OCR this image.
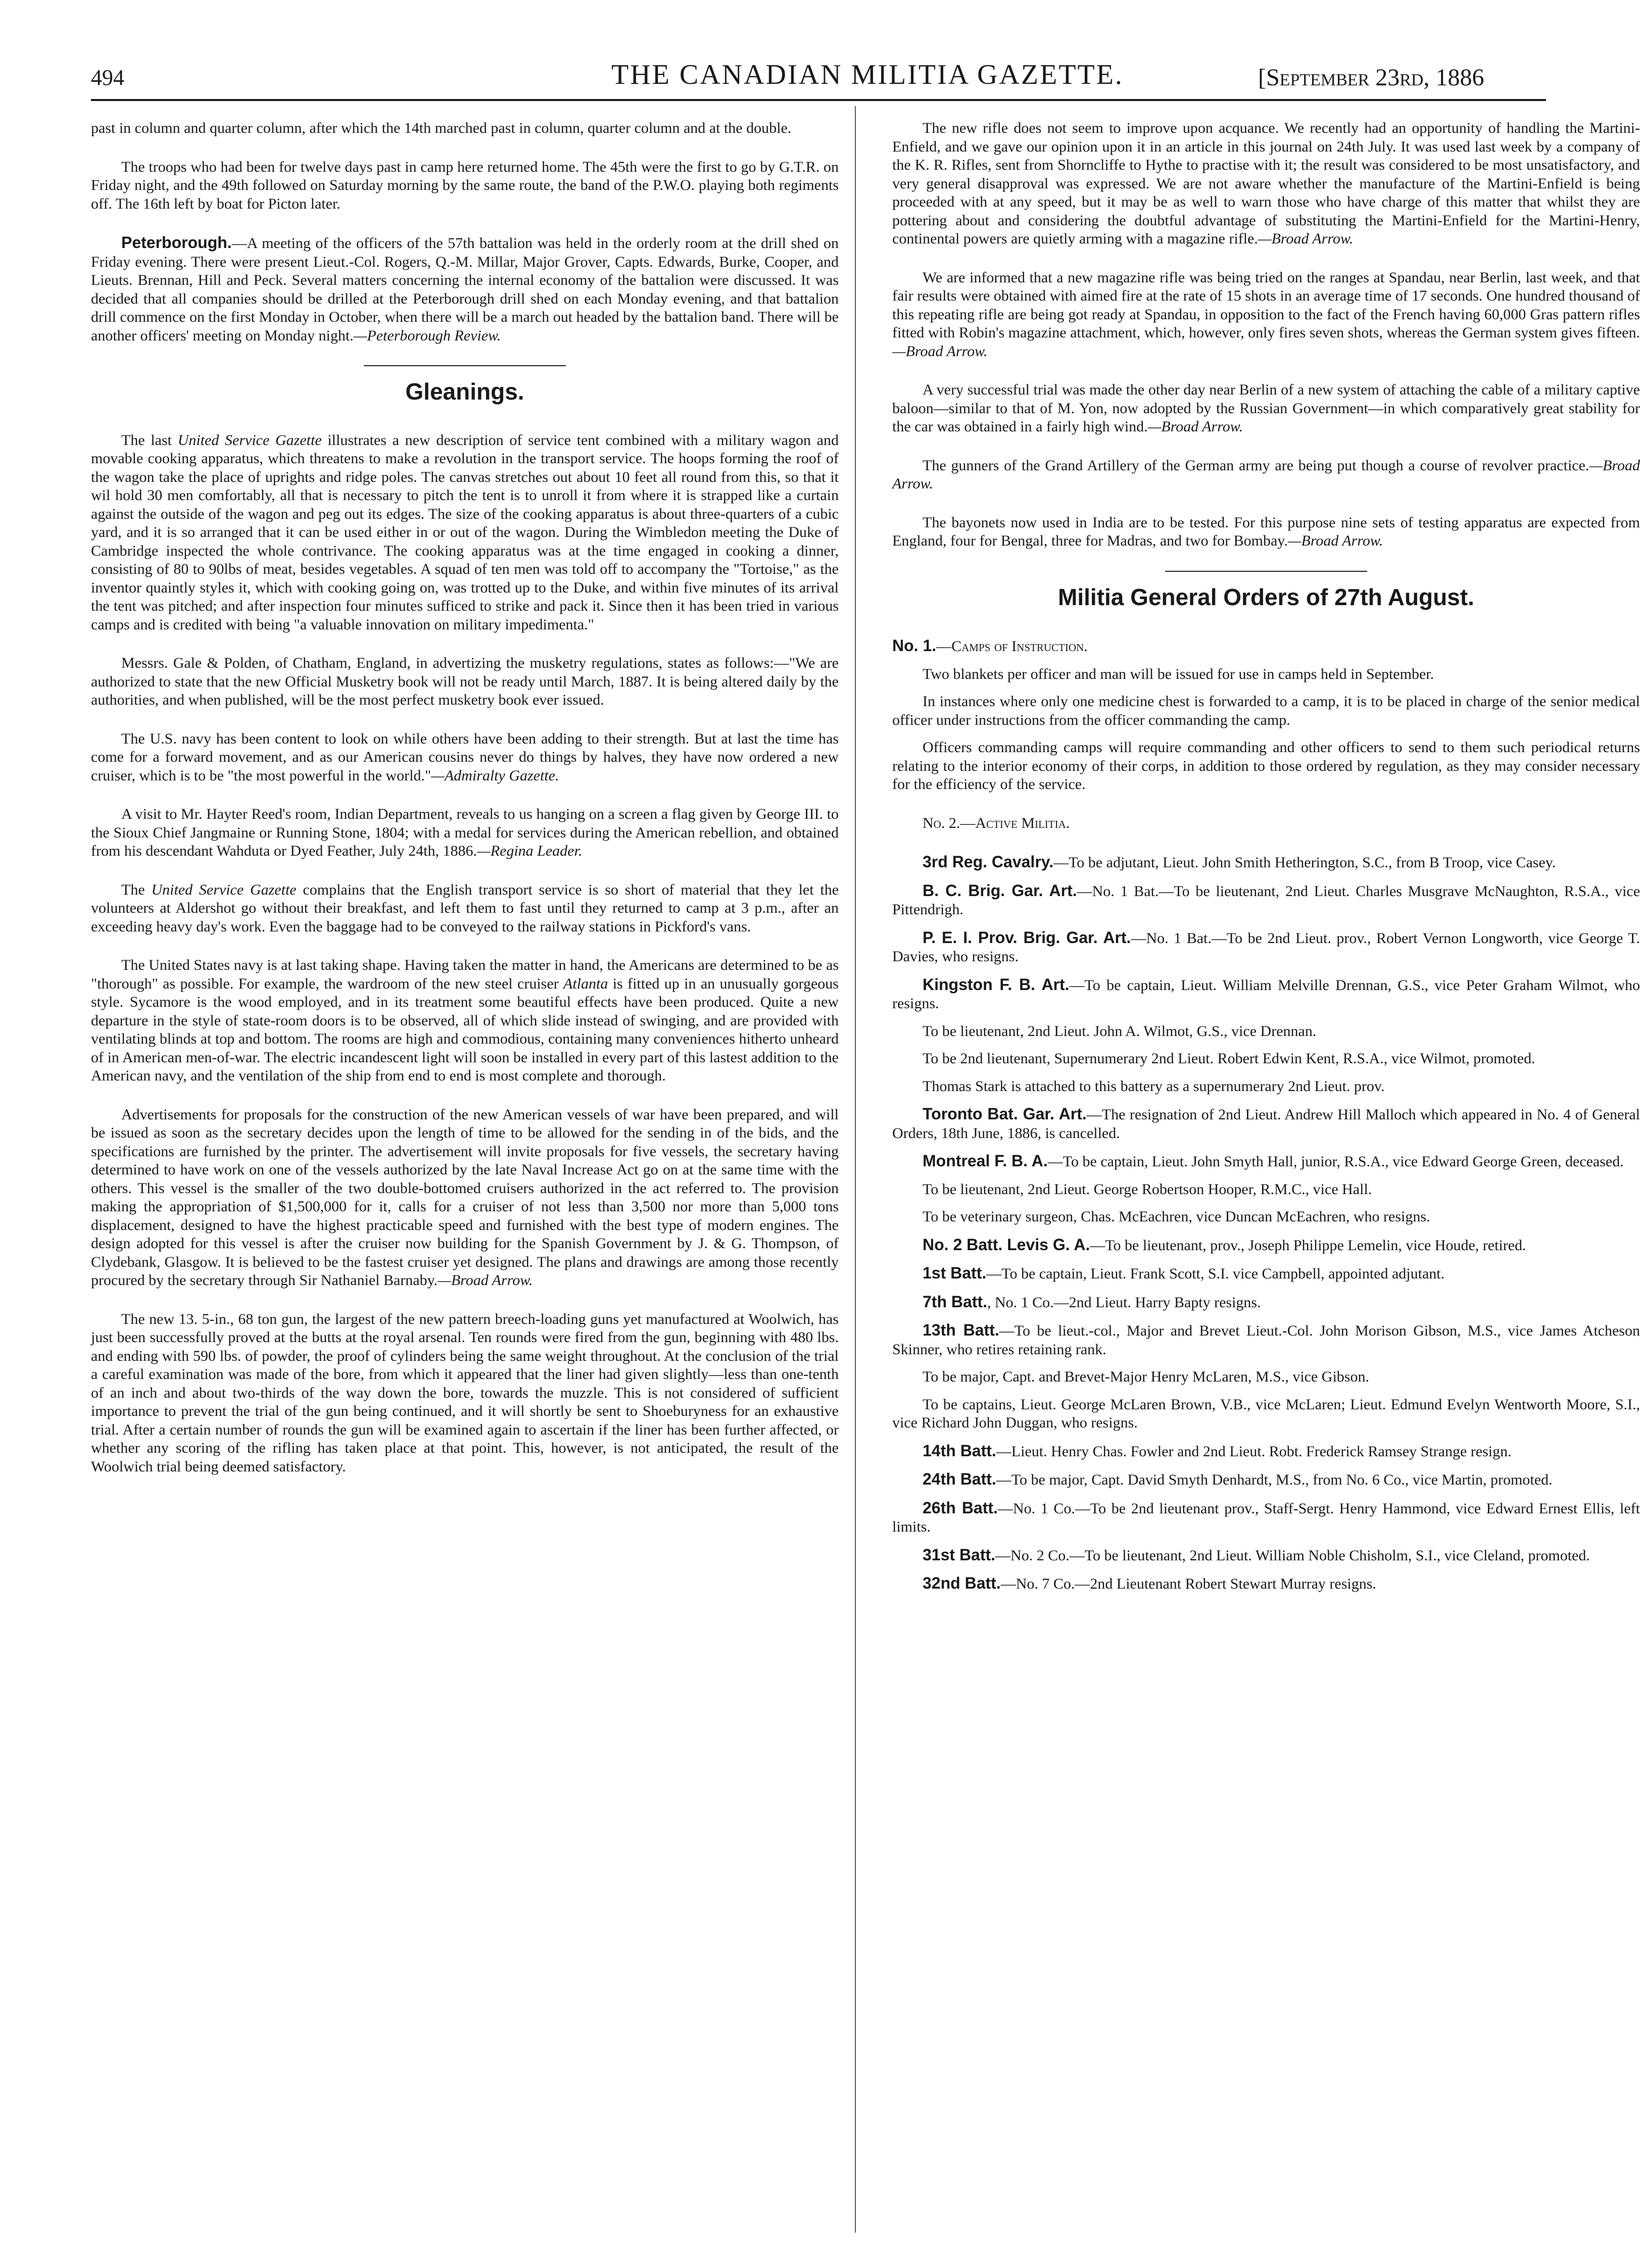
494	THE CANADIAN MILITIA GAZETTE.	[September 23rd, 1886

past in column and quarter column, after which the 14th marched past in column, quarter column and at the double.

The troops who had been for twelve days past in camp here returned home. The 45th were the first to go by G.T.R. on Friday night, and the 49th followed on Saturday morning by the same route, the band of the P.W.O. playing both regiments off. The 16th left by boat for Picton later.

Peterborough.—A meeting of the officers of the 57th battalion was held in the orderly room at the drill shed on Friday evening. There were present Lieut.-Col. Rogers, Q.-M. Millar, Major Grover, Capts. Edwards, Burke, Cooper, and Lieuts. Brennan, Hill and Peck. Several matters concerning the internal economy of the battalion were discussed. It was decided that all companies should be drilled at the Peterborough drill shed on each Monday evening, and that battalion drill commence on the first Monday in October, when there will be a march out headed by the battalion band. There will be another officers' meeting on Monday night.—Peterborough Review.

Gleanings.

The last United Service Gazette illustrates a new description of service tent combined with a military wagon and movable cooking apparatus, which threatens to make a revolution in the transport service. The hoops forming the roof of the wagon take the place of uprights and ridge poles. The canvas stretches out about 10 feet all round from this, so that it wil hold 30 men comfortably, all that is necessary to pitch the tent is to unroll it from where it is strapped like a curtain against the outside of the wagon and peg out its edges. The size of the cooking apparatus is about three-quarters of a cubic yard, and it is so arranged that it can be used either in or out of the wagon. During the Wimbledon meeting the Duke of Cambridge inspected the whole contrivance. The cooking apparatus was at the time engaged in cooking a dinner, consisting of 80 to 90lbs of meat, besides vegetables. A squad of ten men was told off to accompany the "Tortoise," as the inventor quaintly styles it, which with cooking going on, was trotted up to the Duke, and within five minutes of its arrival the tent was pitched; and after inspection four minutes sufficed to strike and pack it. Since then it has been tried in various camps and is credited with being "a valuable innovation on military impedimenta."

Messrs. Gale & Polden, of Chatham, England, in advertizing the musketry regulations, states as follows:—"We are authorized to state that the new Official Musketry book will not be ready until March, 1887. It is being altered daily by the authorities, and when published, will be the most perfect musketry book ever issued.

The U.S. navy has been content to look on while others have been adding to their strength. But at last the time has come for a forward movement, and as our American cousins never do things by halves, they have now ordered a new cruiser, which is to be "the most powerful in the world."—Admiralty Gazette.

A visit to Mr. Hayter Reed's room, Indian Department, reveals to us hanging on a screen a flag given by George III. to the Sioux Chief Jangmaine or Running Stone, 1804; with a medal for services during the American rebellion, and obtained from his descendant Wahduta or Dyed Feather, July 24th, 1886.—Regina Leader.

The United Service Gazette complains that the English transport service is so short of material that they let the volunteers at Aldershot go without their breakfast, and left them to fast until they returned to camp at 3 p.m., after an exceeding heavy day's work. Even the baggage had to be conveyed to the railway stations in Pickford's vans.

The United States navy is at last taking shape. Having taken the matter in hand, the Americans are determined to be as "thorough" as possible. For example, the wardroom of the new steel cruiser Atlanta is fitted up in an unusually gorgeous style. Sycamore is the wood employed, and in its treatment some beautiful effects have been produced. Quite a new departure in the style of state-room doors is to be observed, all of which slide instead of swinging, and are provided with ventilating blinds at top and bottom. The rooms are high and commodious, containing many conveniences hitherto unheard of in American men-of-war. The electric incandescent light will soon be installed in every part of this lastest addition to the American navy, and the ventilation of the ship from end to end is most complete and thorough.

Advertisements for proposals for the construction of the new American vessels of war have been prepared, and will be issued as soon as the secretary decides upon the length of time to be allowed for the sending in of the bids, and the specifications are furnished by the printer. The advertisement will invite proposals for five vessels, the secretary having determined to have work on one of the vessels authorized by the late Naval Increase Act go on at the same time with the others. This vessel is the smaller of the two double-bottomed cruisers authorized in the act referred to. The provision making the appropriation of $1,500,000 for it, calls for a cruiser of not less than 3,500 nor more than 5,000 tons displacement, designed to have the highest practicable speed and furnished with the best type of modern engines. The design adopted for this vessel is after the cruiser now building for the Spanish Government by J. & G. Thompson, of Clydebank, Glasgow. It is believed to be the fastest cruiser yet designed. The plans and drawings are among those recently procured by the secretary through Sir Nathaniel Barnaby.—Broad Arrow.

The new 13. 5-in., 68 ton gun, the largest of the new pattern breech-loading guns yet manufactured at Woolwich, has just been successfully proved at the butts at the royal arsenal. Ten rounds were fired from the gun, beginning with 480 lbs. and ending with 590 lbs. of powder, the proof of cylinders being the same weight throughout. At the conclusion of the trial a careful examination was made of the bore, from which it appeared that the liner had given slightly—less than one-tenth of an inch and about two-thirds of the way down the bore, towards the muzzle. This is not considered of sufficient importance to prevent the trial of the gun being continued, and it will shortly be sent to Shoeburyness for an exhaustive trial. After a certain number of rounds the gun will be examined again to ascertain if the liner has been further affected, or whether any scoring of the rifling has taken place at that point. This, however, is not anticipated, the result of the Woolwich trial being deemed satisfactory.

The new rifle does not seem to improve upon acquance. We recently had an opportunity of handling the Martini-Enfield, and we gave our opinion upon it in an article in this journal on 24th July. It was used last week by a company of the K. R. Rifles, sent from Shorncliffe to Hythe to practise with it; the result was considered to be most unsatisfactory, and very general disapproval was expressed. We are not aware whether the manufacture of the Martini-Enfield is being proceeded with at any speed, but it may be as well to warn those who have charge of this matter that whilst they are pottering about and considering the doubtful advantage of substituting the Martini-Enfield for the Martini-Henry, continental powers are quietly arming with a magazine rifle.—Broad Arrow.

We are informed that a new magazine rifle was being tried on the ranges at Spandau, near Berlin, last week, and that fair results were obtained with aimed fire at the rate of 15 shots in an average time of 17 seconds. One hundred thousand of this repeating rifle are being got ready at Spandau, in opposition to the fact of the French having 60,000 Gras pattern rifles fitted with Robin's magazine attachment, which, however, only fires seven shots, whereas the German system gives fifteen.—Broad Arrow.

A very successful trial was made the other day near Berlin of a new system of attaching the cable of a military captive baloon—similar to that of M. Yon, now adopted by the Russian Government—in which comparatively great stability for the car was obtained in a fairly high wind.—Broad Arrow.

The gunners of the Grand Artillery of the German army are being put though a course of revolver practice.—Broad Arrow.

The bayonets now used in India are to be tested. For this purpose nine sets of testing apparatus are expected from England, four for Bengal, three for Madras, and two for Bombay.—Broad Arrow.

Militia General Orders of 27th August.

No. 1.—Camps of Instruction.

Two blankets per officer and man will be issued for use in camps held in September.

In instances where only one medicine chest is forwarded to a camp, it is to be placed in charge of the senior medical officer under instructions from the officer commanding the camp.

Officers commanding camps will require commanding and other officers to send to them such periodical returns relating to the interior economy of their corps, in addition to those ordered by regulation, as they may consider necessary for the efficiency of the service.

No. 2.—Active Militia.

3rd Reg. Cavalry.—To be adjutant, Lieut. John Smith Hetherington, S.C., from B Troop, vice Casey.

B. C. Brig. Gar. Art.—No. 1 Bat.—To be lieutenant, 2nd Lieut. Charles Musgrave McNaughton, R.S.A., vice Pittendrigh.

P. E. I. Prov. Brig. Gar. Art.—No. 1 Bat.—To be 2nd Lieut. prov., Robert Vernon Longworth, vice George T. Davies, who resigns.

Kingston F. B. Art.—To be captain, Lieut. William Melville Drennan, G.S., vice Peter Graham Wilmot, who resigns.

To be lieutenant, 2nd Lieut. John A. Wilmot, G.S., vice Drennan.

To be 2nd lieutenant, Supernumerary 2nd Lieut. Robert Edwin Kent, R.S.A., vice Wilmot, promoted.

Thomas Stark is attached to this battery as a supernumerary 2nd Lieut. prov.

Toronto Bat. Gar. Art.—The resignation of 2nd Lieut. Andrew Hill Malloch which appeared in No. 4 of General Orders, 18th June, 1886, is cancelled.

Montreal F. B. A.—To be captain, Lieut. John Smyth Hall, junior, R.S.A., vice Edward George Green, deceased.

To be lieutenant, 2nd Lieut. George Robertson Hooper, R.M.C., vice Hall.

To be veterinary surgeon, Chas. McEachren, vice Duncan McEachren, who resigns.

No. 2 Batt. Levis G. A.—To be lieutenant, prov., Joseph Philippe Lemelin, vice Houde, retired.

1st Batt.—To be captain, Lieut. Frank Scott, S.I. vice Campbell, appointed adjutant.

7th Batt., No. 1 Co.—2nd Lieut. Harry Bapty resigns.

13th Batt.—To be lieut.-col., Major and Brevet Lieut.-Col. John Morison Gibson, M.S., vice James Atcheson Skinner, who retires retaining rank.

To be major, Capt. and Brevet-Major Henry McLaren, M.S., vice Gibson.

To be captains, Lieut. George McLaren Brown, V.B., vice McLaren; Lieut. Edmund Evelyn Wentworth Moore, S.I., vice Richard John Duggan, who resigns.

14th Batt.—Lieut. Henry Chas. Fowler and 2nd Lieut. Robt. Frederick Ramsey Strange resign.

24th Batt.—To be major, Capt. David Smyth Denhardt, M.S., from No. 6 Co., vice Martin, promoted.

26th Batt.—No. 1 Co.—To be 2nd lieutenant prov., Staff-Sergt. Henry Hammond, vice Edward Ernest Ellis, left limits.

31st Batt.—No. 2 Co.—To be lieutenant, 2nd Lieut. William Noble Chisholm, S.I., vice Cleland, promoted.

32nd Batt.—No. 7 Co.—2nd Lieutenant Robert Stewart Murray resigns.
